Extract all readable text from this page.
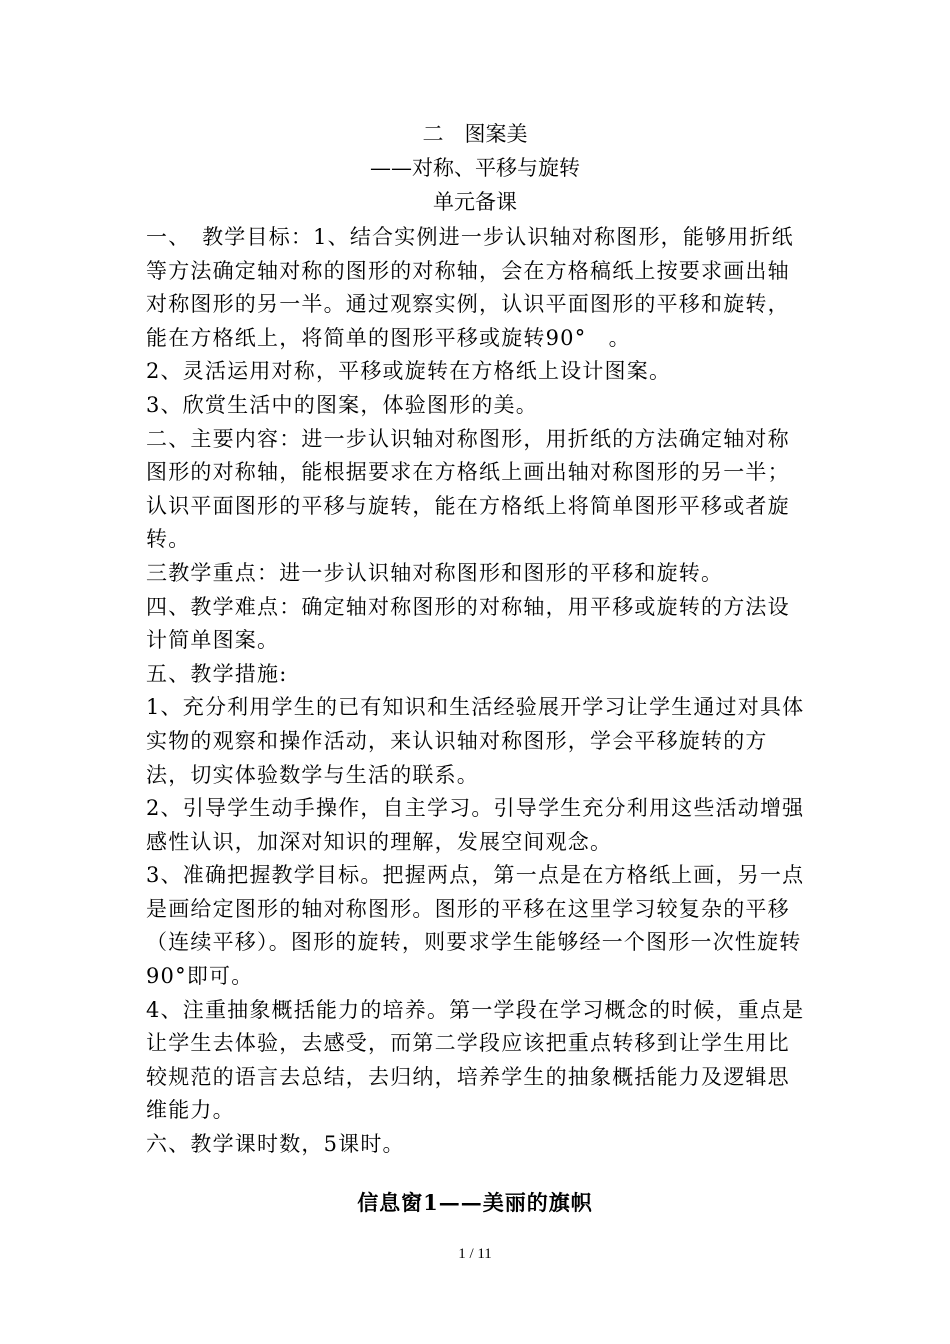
二　图案美
——对称、平移与旋转
单元备课

一、　教学目标：1、结合实例进一步认识轴对称图形，能够用折纸等方法确定轴对称的图形的对称轴，会在方格稿纸上按要求画出轴对称图形的另一半。通过观察实例，认识平面图形的平移和旋转，能在方格纸上，将简单的图形平移或旋转90°　。

2、灵活运用对称，平移或旋转在方格纸上设计图案。

3、欣赏生活中的图案，体验图形的美。

二、主要内容：进一步认识轴对称图形，用折纸的方法确定轴对称图形的对称轴，能根据要求在方格纸上画出轴对称图形的另一半；认识平面图形的平移与旋转，能在方格纸上将简单图形平移或者旋转。

三教学重点：进一步认识轴对称图形和图形的平移和旋转。

四、教学难点：确定轴对称图形的对称轴，用平移或旋转的方法设计简单图案。

五、教学措施:

1、充分利用学生的已有知识和生活经验展开学习让学生通过对具体实物的观察和操作活动，来认识轴对称图形，学会平移旋转的方法，切实体验数学与生活的联系。

2、引导学生动手操作，自主学习。引导学生充分利用这些活动增强感性认识，加深对知识的理解，发展空间观念。

3、准确把握教学目标。把握两点，第一点是在方格纸上画，另一点是画给定图形的轴对称图形。图形的平移在这里学习较复杂的平移（连续平移）。图形的旋转，则要求学生能够经一个图形一次性旋转90°即可。

4、注重抽象概括能力的培养。第一学段在学习概念的时候，重点是让学生去体验，去感受，而第二学段应该把重点转移到让学生用比较规范的语言去总结，去归纳，培养学生的抽象概括能力及逻辑思维能力。

六、教学课时数，5课时。

信息窗1——美丽的旗帜
1 / 11
